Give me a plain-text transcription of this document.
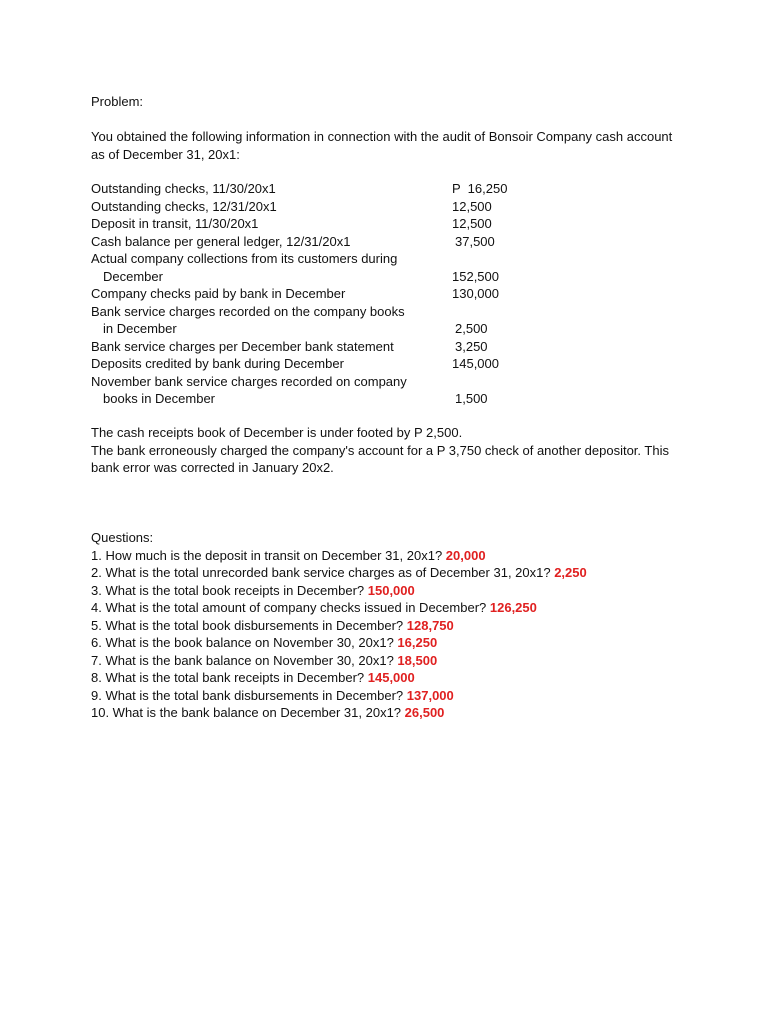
Problem:
You obtained the following information in connection with the audit of Bonsoir Company cash account
as of December 31, 20x1:
Outstanding checks, 11/30/20x1	P  16,250
Outstanding checks, 12/31/20x1	12,500
Deposit in transit, 11/30/20x1	12,500
Cash balance per general ledger, 12/31/20x1	37,500
Actual company collections from its customers during
December	152,500
Company checks paid by bank in December	130,000
Bank service charges recorded on the company books
in December	2,500
Bank service charges per December bank statement	3,250
Deposits credited by bank during December	145,000
November bank service charges recorded on company
books in December	1,500
The cash receipts book of December is under footed by P 2,500.
The bank erroneously charged the company's account for a P 3,750 check of another depositor. This
bank error was corrected in January 20x2.
Questions:
1. How much is the deposit in transit on December 31, 20x1? 20,000
2. What is the total unrecorded bank service charges as of December 31, 20x1? 2,250
3. What is the total book receipts in December? 150,000
4. What is the total amount of company checks issued in December? 126,250
5. What is the total book disbursements in December? 128,750
6. What is the book balance on November 30, 20x1? 16,250
7. What is the bank balance on November 30, 20x1? 18,500
8. What is the total bank receipts in December? 145,000
9. What is the total bank disbursements in December? 137,000
10. What is the bank balance on December 31, 20x1? 26,500
